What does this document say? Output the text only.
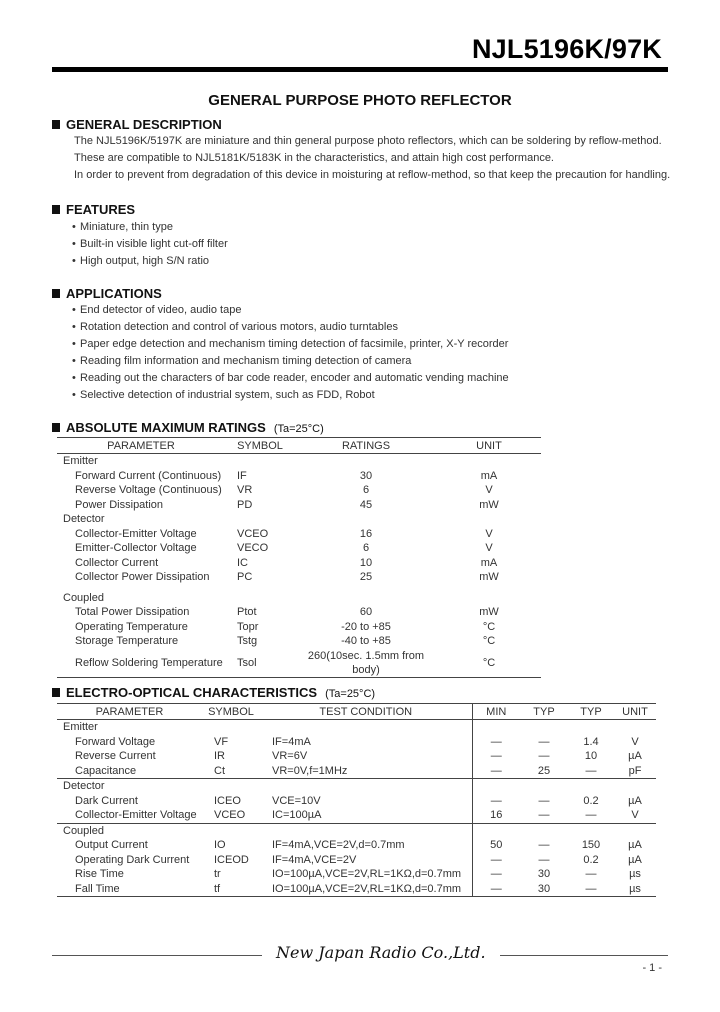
NJL5196K/97K
GENERAL PURPOSE PHOTO REFLECTOR
GENERAL DESCRIPTION
The NJL5196K/5197K are miniature and thin general purpose photo reflectors, which can be soldering by reflow-method.
These are compatible to NJL5181K/5183K in the characteristics, and attain high cost performance.
In order to prevent from degradation of this device in moisturing at reflow-method, so that keep the precaution for handling.
FEATURES
• Miniature, thin type
• Built-in visible light cut-off filter
• High output, high S/N ratio
APPLICATIONS
• End detector of video, audio tape
• Rotation detection and control of various motors, audio turntables
• Paper edge detection and mechanism timing detection of facsimile, printer, X-Y recorder
• Reading film information and mechanism timing detection of camera
• Reading out the characters of bar code reader, encoder and automatic vending machine
• Selective detection of industrial system, such as FDD, Robot
ABSOLUTE MAXIMUM RATINGS (Ta=25°C)
PARAMETER	SYMBOL	RATINGS	UNIT
Emitter			
Forward Current (Continuous)	IF	30	mA
Reverse Voltage (Continuous)	VR	6	V
Power Dissipation	PD	45	mW
Detector			
Collector-Emitter Voltage	VCEO	16	V
Emitter-Collector Voltage	VECO	6	V
Collector Current	IC	10	mA
Collector Power Dissipation	PC	25	mW

Coupled			
Total Power Dissipation	Ptot	60	mW
Operating Temperature	Topr	-20 to +85	°C
Storage Temperature	Tstg	-40 to +85	°C
Reflow Soldering Temperature	Tsol	260(10sec. 1.5mm from body)	°C
ELECTRO-OPTICAL CHARACTERISTICS (Ta=25°C)
PARAMETER	SYMBOL	TEST CONDITION	MIN	TYP	TYP	UNIT
Emitter						
Forward Voltage	VF	IF=4mA	—	—	1.4	V
Reverse Current	IR	VR=6V	—	—	10	µA
Capacitance	Ct	VR=0V,f=1MHz	—	25	—	pF
Detector						
Dark Current	ICEO	VCE=10V	—	—	0.2	µA
Collector-Emitter Voltage	VCEO	IC=100µA	16	—	—	V
Coupled						
Output Current	IO	IF=4mA,VCE=2V,d=0.7mm	50	—	150	µA
Operating Dark Current	ICEOD	IF=4mA,VCE=2V	—	—	0.2	µA
Rise Time	tr	IO=100µA,VCE=2V,RL=1KΩ,d=0.7mm	—	30	—	µs
Fall Time	tf	IO=100µA,VCE=2V,RL=1KΩ,d=0.7mm	—	30	—	µs
New Japan Radio Co.,Ltd.
- 1 -
